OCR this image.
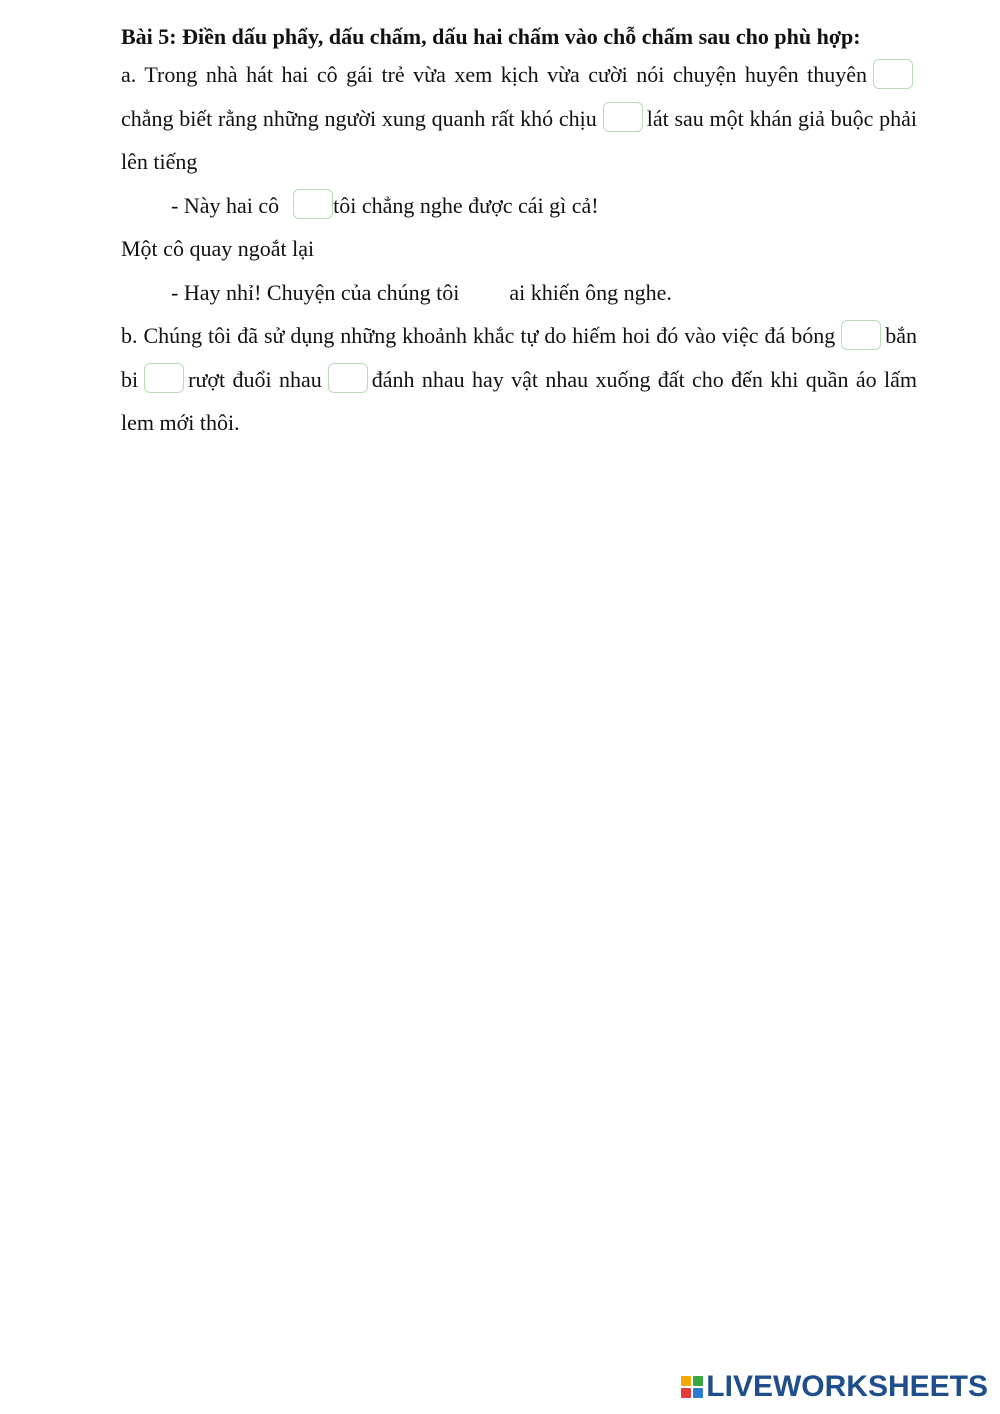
Bài 5: Điền dấu phẩy, dấu chấm, dấu hai chấm vào chỗ chấm sau cho phù hợp:

a. Trong nhà hát hai cô gái trẻ vừa xem kịch vừa cười nói chuyện huyên thuyênchẳng biết rằng những người xung quanh rất khó chịu lát sau một khán giả buộc phải lên tiếng

- Này hai cô tôi chẳng nghe được cái gì cả!

Một cô quay ngoắt lại

- Hay nhỉ! Chuyện của chúng tôi ai khiến ông nghe.

b. Chúng tôi đã sử dụng những khoảnh khắc tự do hiếm hoi đó vào việc đá bóng bắn bi rượt đuổi nhau đánh nhau hay vật nhau xuống đất cho đến khi quần áo lấm lem mới thôi.

LIVEWORKSHEETS
